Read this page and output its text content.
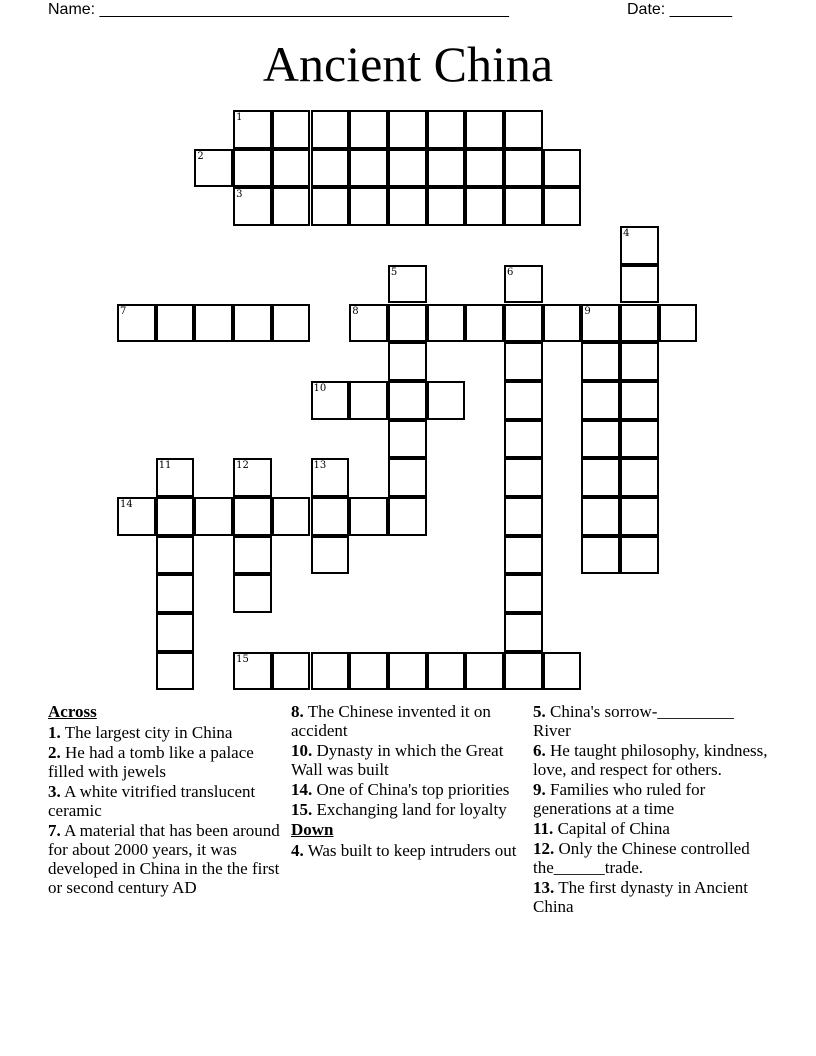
Name: ______________________________________________	Date: _______
Ancient China
1
2
3
7	8	9
10
14
15
4
5	6
11	12	13
Across
1. The largest city in China
2. He had a tomb like a palace filled with jewels
3. A white vitrified translucent ceramic
7. A material that has been around for about 2000 years, it was developed in China in the the first or second century AD
8. The Chinese invented it on accident
10. Dynasty in which the Great Wall was built
14. One of China's top priorities
15. Exchanging land for loyalty
Down
4. Was built to keep intruders out
5. China's sorrow-_________ River
6. He taught philosophy, kindness, love, and respect for others.
9. Families who ruled for generations at a time
11. Capital of China
12. Only the Chinese controlled the______trade.
13. The first dynasty in Ancient China
